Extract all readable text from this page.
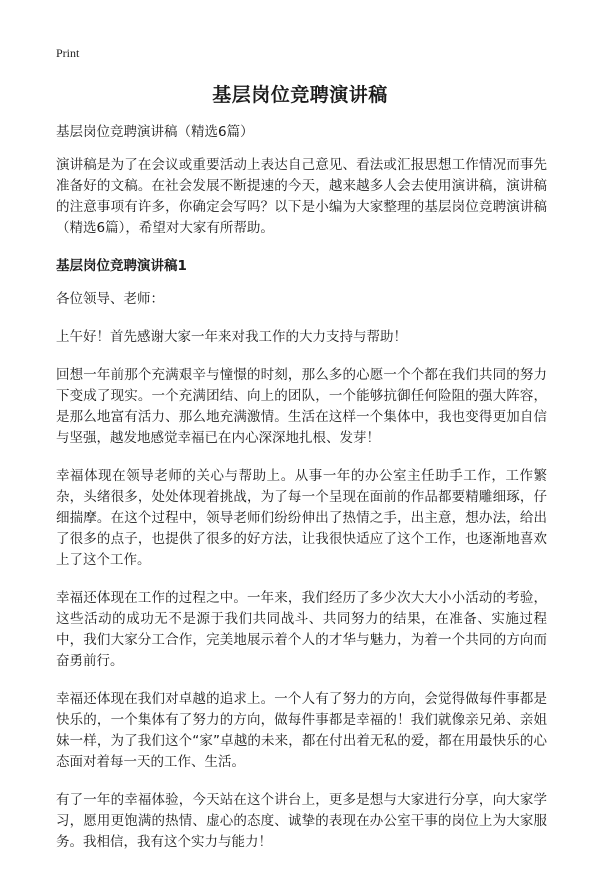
Print
基层岗位竞聘演讲稿

基层岗位竞聘演讲稿（精选6篇）

演讲稿是为了在会议或重要活动上表达自己意见、看法或汇报思想工作情况而事先准备好的文稿。在社会发展不断提速的今天，越来越多人会去使用演讲稿，演讲稿的注意事项有许多，你确定会写吗？以下是小编为大家整理的基层岗位竞聘演讲稿（精选6篇），希望对大家有所帮助。

基层岗位竞聘演讲稿1

各位领导、老师：

上午好！首先感谢大家一年来对我工作的大力支持与帮助！

回想一年前那个充满艰辛与憧憬的时刻，那么多的心愿一个个都在我们共同的努力下变成了现实。一个充满团结、向上的团队，一个能够抗御任何险阻的强大阵容，是那么地富有活力、那么地充满激情。生活在这样一个集体中，我也变得更加自信与坚强，越发地感觉幸福已在内心深深地扎根、发芽！

幸福体现在领导老师的关心与帮助上。从事一年的办公室主任助手工作，工作繁杂，头绪很多，处处体现着挑战，为了每一个呈现在面前的作品都要精雕细琢，仔细揣摩。在这个过程中，领导老师们纷纷伸出了热情之手，出主意，想办法，给出了很多的点子，也提供了很多的好方法，让我很快适应了这个工作，也逐渐地喜欢上了这个工作。

幸福还体现在工作的过程之中。一年来，我们经历了多少次大大小小活动的考验，这些活动的成功无不是源于我们共同战斗、共同努力的结果，在准备、实施过程中，我们大家分工合作，完美地展示着个人的才华与魅力，为着一个共同的方向而奋勇前行。

幸福还体现在我们对卓越的追求上。一个人有了努力的方向，会觉得做每件事都是快乐的，一个集体有了努力的方向，做每件事都是幸福的！我们就像亲兄弟、亲姐妹一样，为了我们这个“家”卓越的未来，都在付出着无私的爱，都在用最快乐的心态面对着每一天的工作、生活。

有了一年的幸福体验，今天站在这个讲台上，更多是想与大家进行分享，向大家学习，愿用更饱满的热情、虚心的态度、诚挚的表现在办公室干事的岗位上为大家服务。我相信，我有这个实力与能力！
